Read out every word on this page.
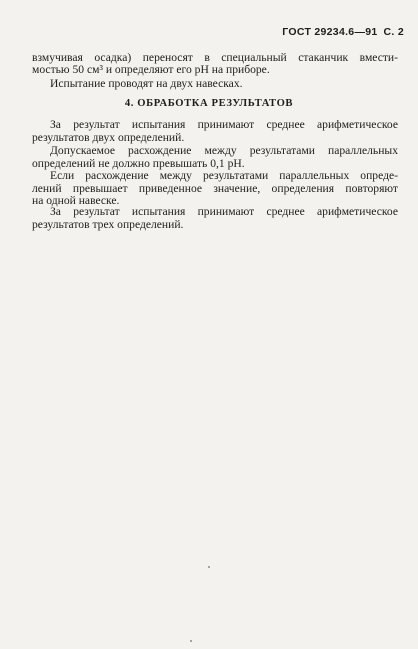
ГОСТ 29234.6—91 С. 2
взмучивая осадка) переносят в специальный стаканчик вмести-
мостью 50 см³ и определяют его pH на приборе.
Испытание проводят на двух навесках.
4. ОБРАБОТКА РЕЗУЛЬТАТОВ
За результат испытания принимают среднее арифметическое
результатов двух определений.
Допускаемое расхождение между результатами параллельных
определений не должно превышать 0,1 pH.
Если расхождение между результатами параллельных опреде-
лений превышает приведенное значение, определения повторяют
на одной навеске.
За результат испытания принимают среднее арифметическое
результатов трех определений.
